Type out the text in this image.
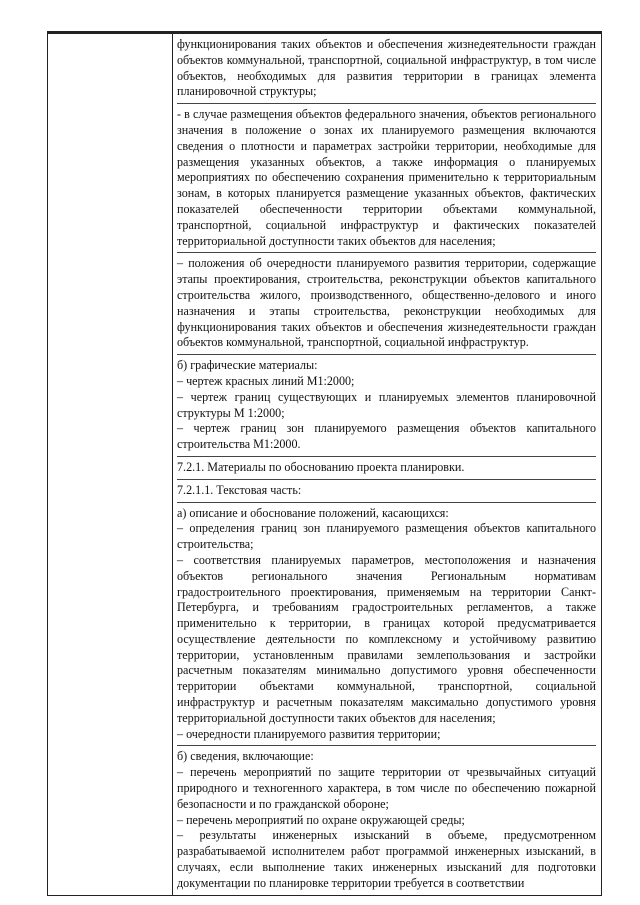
функционирования таких объектов и обеспечения жизнедеятельности граждан объектов коммунальной, транспортной, социальной инфраструктур, в том числе объектов, необходимых для развития территории в границах элемента планировочной структуры;

- в случае размещения объектов федерального значения, объектов регионального значения в положение о зонах их планируемого размещения включаются сведения о плотности и параметрах застройки территории, необходимые для размещения указанных объектов, а также информация о планируемых мероприятиях по обеспечению сохранения применительно к территориальным зонам, в которых планируется размещение указанных объектов, фактических показателей обеспеченности территории объектами коммунальной, транспортной, социальной инфраструктур и фактических показателей территориальной доступности таких объектов для населения;

– положения об очередности планируемого развития территории, содержащие этапы проектирования, строительства, реконструкции объектов капитального строительства жилого, производственного, общественно-делового и иного назначения и этапы строительства, реконструкции необходимых для функционирования таких объектов и обеспечения жизнедеятельности граждан объектов коммунальной, транспортной, социальной инфраструктур.

б) графические материалы:

– чертеж красных линий М1:2000;

– чертеж границ существующих и планируемых элементов планировочной структуры М 1:2000;

– чертеж границ зон планируемого размещения объектов капитального строительства М1:2000.

7.2.1. Материалы по обоснованию проекта планировки.

7.2.1.1. Текстовая часть:

а) описание и обоснование положений, касающихся:

– определения границ зон планируемого размещения объектов капитального строительства;

– соответствия планируемых параметров, местоположения и назначения объектов регионального значения Региональным нормативам градостроительного проектирования, применяемым на территории Санкт-Петербурга, и требованиям градостроительных регламентов, а также применительно к территории, в границах которой предусматривается осуществление деятельности по комплексному и устойчивому развитию территории, установленным правилами землепользования и застройки расчетным показателям минимально допустимого уровня обеспеченности территории объектами коммунальной, транспортной, социальной инфраструктур и расчетным показателям максимально допустимого уровня территориальной доступности таких объектов для населения;

– очередности планируемого развития территории;

б) сведения, включающие:

– перечень мероприятий по защите территории от чрезвычайных ситуаций природного и техногенного характера, в том числе по обеспечению пожарной безопасности и по гражданской обороне;

– перечень мероприятий по охране окружающей среды;

– результаты инженерных изысканий в объеме, предусмотренном разрабатываемой исполнителем работ программой инженерных изысканий, в случаях, если выполнение таких инженерных изысканий для подготовки документации по планировке территории требуется в соответствии
